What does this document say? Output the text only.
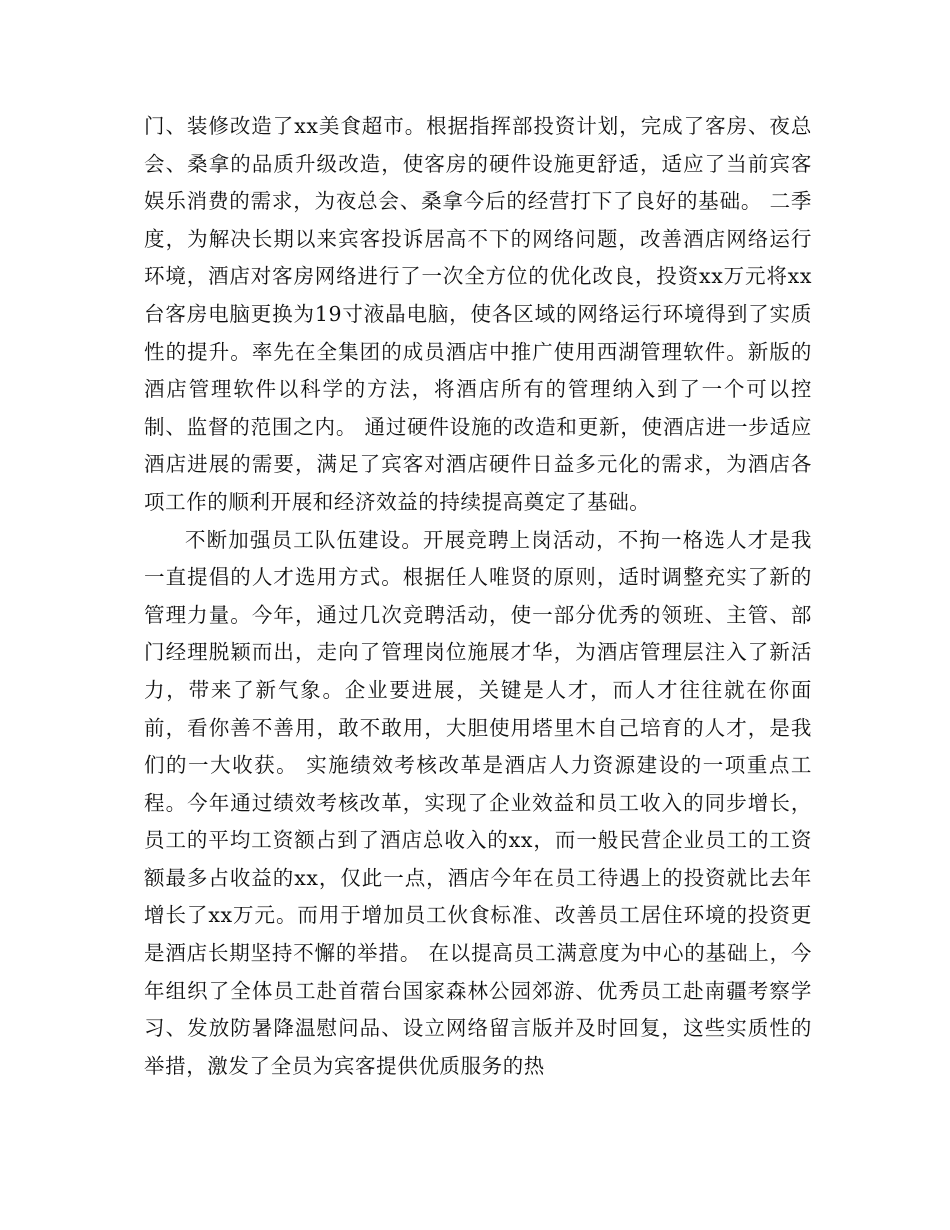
门、装修改造了xx美食超市。根据指挥部投资计划，完成了客房、夜总会、桑拿的品质升级改造，使客房的硬件设施更舒适，适应了当前宾客娱乐消费的需求，为夜总会、桑拿今后的经营打下了良好的基础。 二季度，为解决长期以来宾客投诉居高不下的网络问题，改善酒店网络运行环境，酒店对客房网络进行了一次全方位的优化改良，投资xx万元将xx台客房电脑更换为19寸液晶电脑，使各区域的网络运行环境得到了实质性的提升。率先在全集团的成员酒店中推广使用西湖管理软件。新版的酒店管理软件以科学的方法，将酒店所有的管理纳入到了一个可以控制、监督的范围之内。 通过硬件设施的改造和更新，使酒店进一步适应酒店进展的需要，满足了宾客对酒店硬件日益多元化的需求，为酒店各项工作的顺利开展和经济效益的持续提高奠定了基础。

不断加强员工队伍建设。开展竞聘上岗活动，不拘一格选人才是我一直提倡的人才选用方式。根据任人唯贤的原则，适时调整充实了新的管理力量。今年，通过几次竞聘活动，使一部分优秀的领班、主管、部门经理脱颖而出，走向了管理岗位施展才华，为酒店管理层注入了新活力，带来了新气象。企业要进展，关键是人才，而人才往往就在你面前，看你善不善用，敢不敢用，大胆使用塔里木自己培育的人才，是我们的一大收获。 实施绩效考核改革是酒店人力资源建设的一项重点工程。今年通过绩效考核改革，实现了企业效益和员工收入的同步增长，员工的平均工资额占到了酒店总收入的xx，而一般民营企业员工的工资额最多占收益的xx，仅此一点，酒店今年在员工待遇上的投资就比去年增长了xx万元。而用于增加员工伙食标准、改善员工居住环境的投资更是酒店长期坚持不懈的举措。 在以提高员工满意度为中心的基础上，今年组织了全体员工赴首蓿台国家森林公园郊游、优秀员工赴南疆考察学习、发放防暑降温慰问品、设立网络留言版并及时回复，这些实质性的举措，激发了全员为宾客提供优质服务的热
